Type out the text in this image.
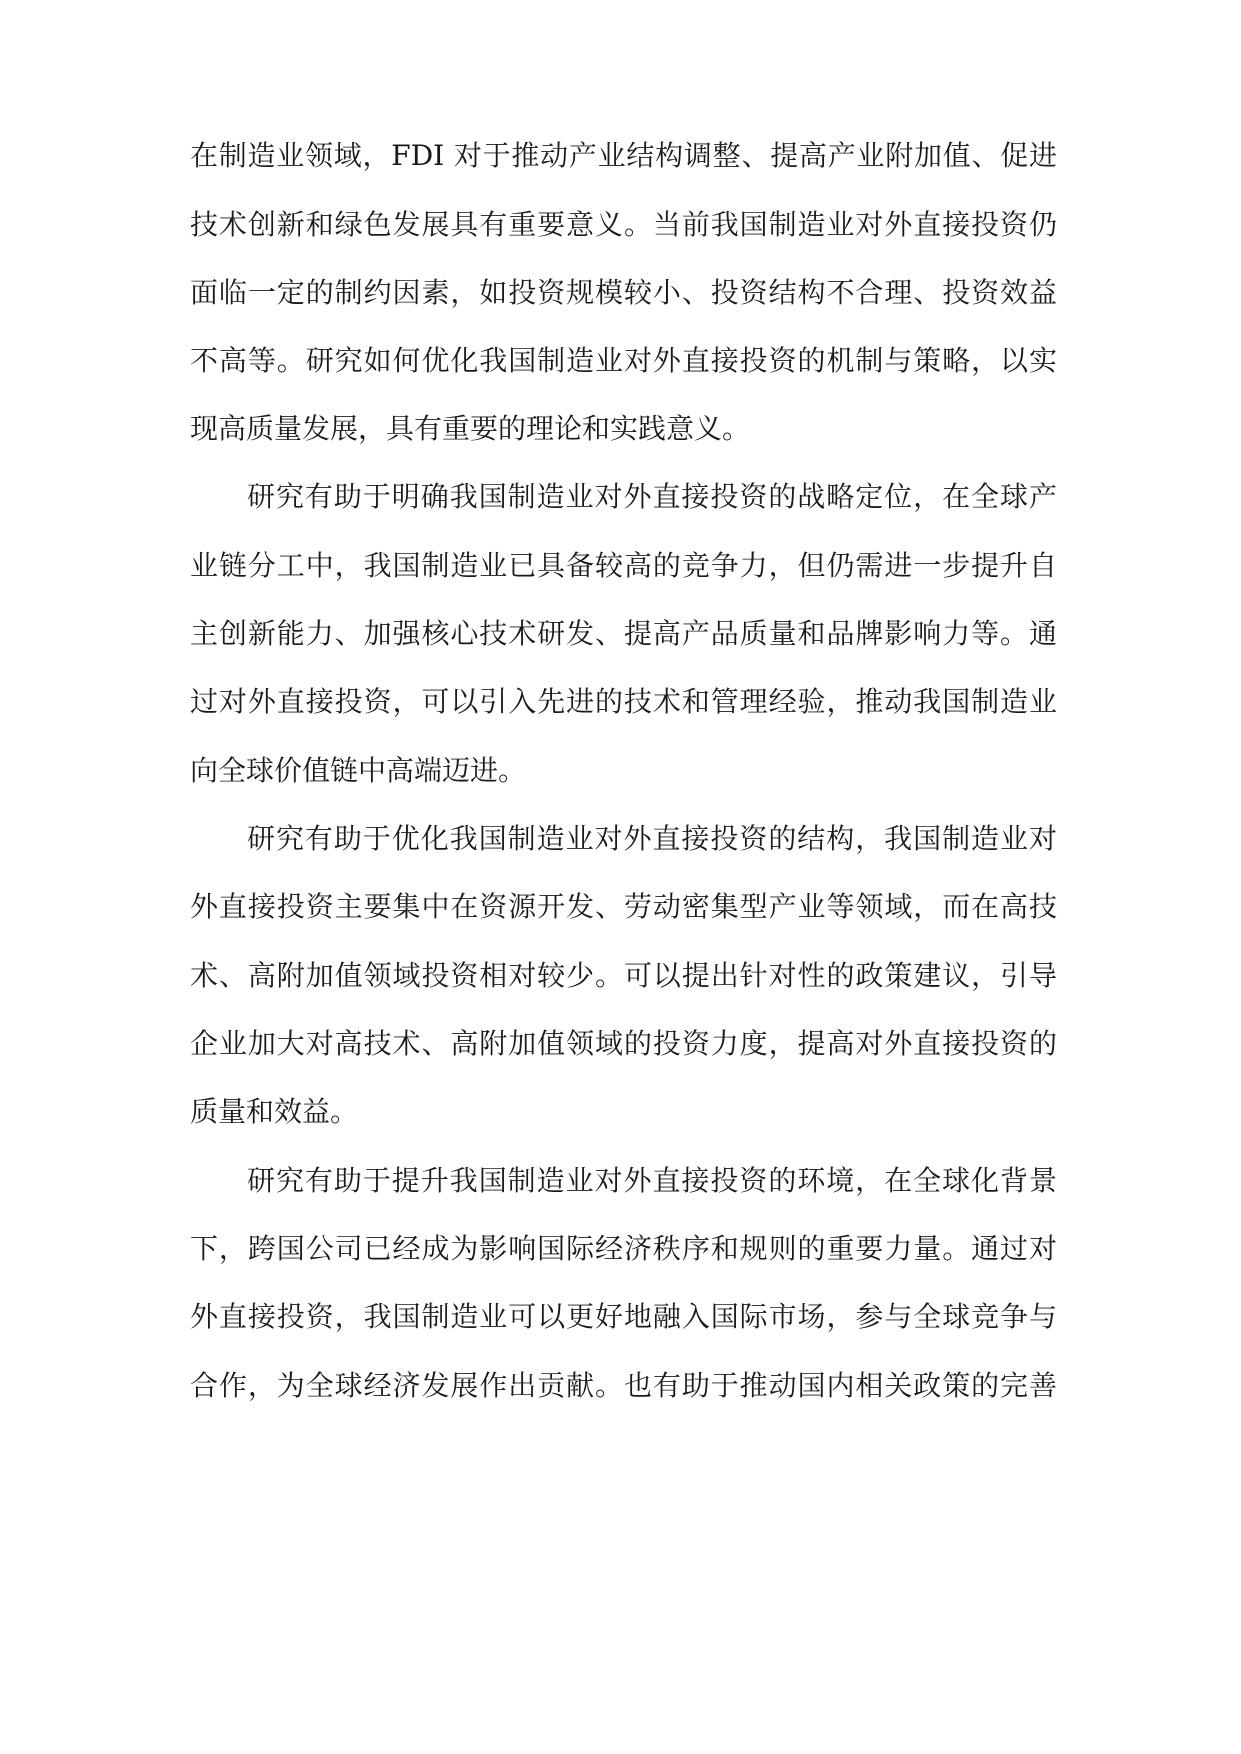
在制造业领域，FDI 对于推动产业结构调整、提高产业附加值、促进
技术创新和绿色发展具有重要意义。当前我国制造业对外直接投资仍
面临一定的制约因素，如投资规模较小、投资结构不合理、投资效益
不高等。研究如何优化我国制造业对外直接投资的机制与策略，以实
现高质量发展，具有重要的理论和实践意义。
研究有助于明确我国制造业对外直接投资的战略定位，在全球产
业链分工中，我国制造业已具备较高的竞争力，但仍需进一步提升自
主创新能力、加强核心技术研发、提高产品质量和品牌影响力等。通
过对外直接投资，可以引入先进的技术和管理经验，推动我国制造业
向全球价值链中高端迈进。
研究有助于优化我国制造业对外直接投资的结构，我国制造业对
外直接投资主要集中在资源开发、劳动密集型产业等领域，而在高技
术、高附加值领域投资相对较少。可以提出针对性的政策建议，引导
企业加大对高技术、高附加值领域的投资力度，提高对外直接投资的
质量和效益。
研究有助于提升我国制造业对外直接投资的环境，在全球化背景
下，跨国公司已经成为影响国际经济秩序和规则的重要力量。通过对
外直接投资，我国制造业可以更好地融入国际市场，参与全球竞争与
合作，为全球经济发展作出贡献。也有助于推动国内相关政策的完善
